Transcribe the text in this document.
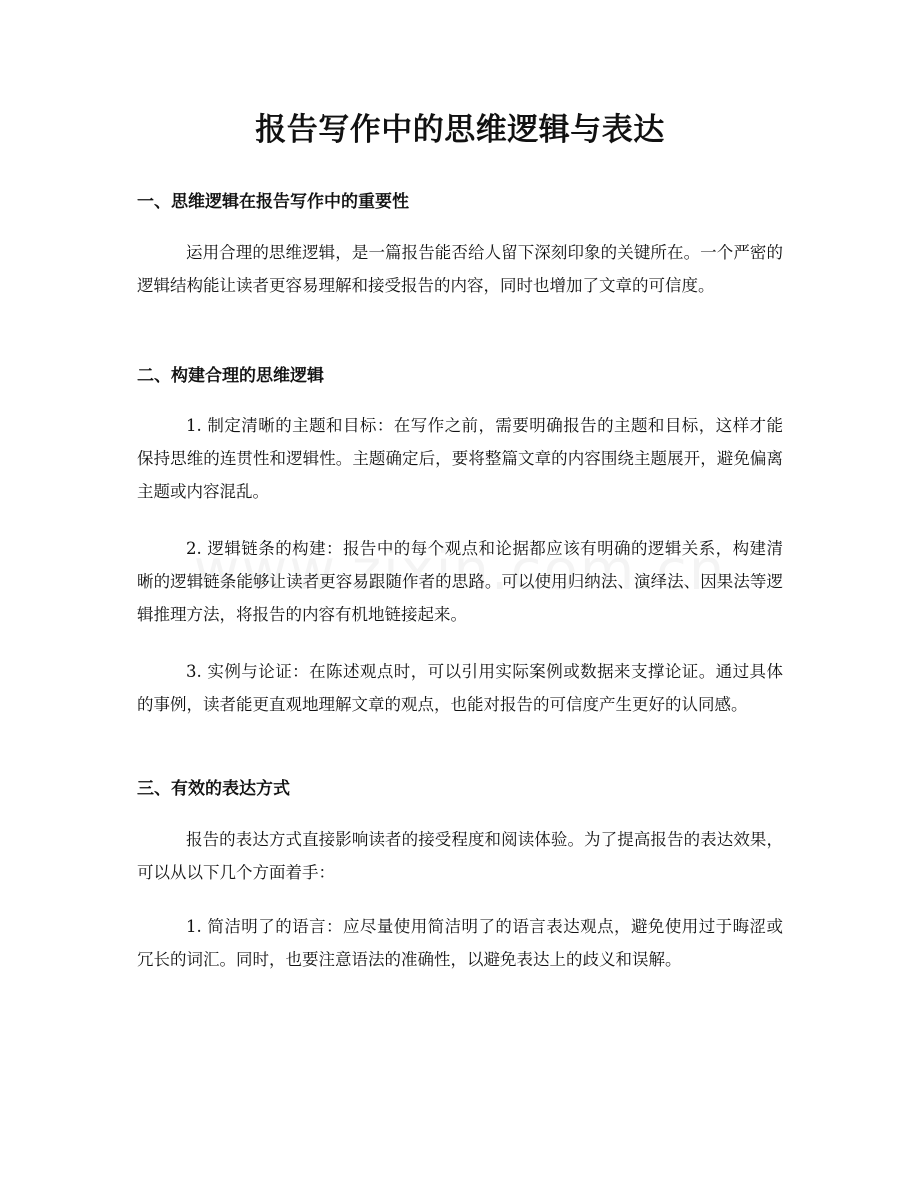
报告写作中的思维逻辑与表达
一、思维逻辑在报告写作中的重要性

运用合理的思维逻辑，是一篇报告能否给人留下深刻印象的关键所在。一个严密的逻辑结构能让读者更容易理解和接受报告的内容，同时也增加了文章的可信度。

二、构建合理的思维逻辑

1. 制定清晰的主题和目标：在写作之前，需要明确报告的主题和目标，这样才能保持思维的连贯性和逻辑性。主题确定后，要将整篇文章的内容围绕主题展开，避免偏离主题或内容混乱。

2. 逻辑链条的构建：报告中的每个观点和论据都应该有明确的逻辑关系，构建清晰的逻辑链条能够让读者更容易跟随作者的思路。可以使用归纳法、演绎法、因果法等逻辑推理方法，将报告的内容有机地链接起来。

3. 实例与论证：在陈述观点时，可以引用实际案例或数据来支撑论证。通过具体的事例，读者能更直观地理解文章的观点，也能对报告的可信度产生更好的认同感。

三、有效的表达方式

报告的表达方式直接影响读者的接受程度和阅读体验。为了提高报告的表达效果，可以从以下几个方面着手：

1. 简洁明了的语言：应尽量使用简洁明了的语言表达观点，避免使用过于晦涩或冗长的词汇。同时，也要注意语法的准确性，以避免表达上的歧义和误解。
